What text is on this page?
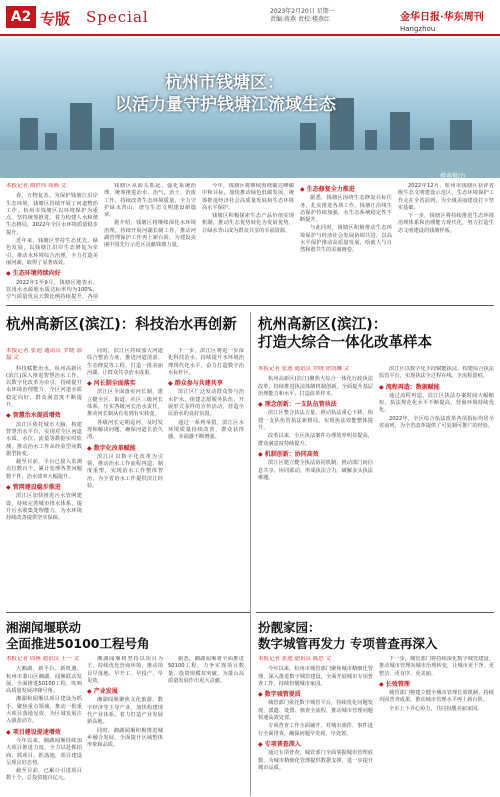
A2 专版 Special	2023年2月20日 星期一
责编:蒋燕 责校:楼燕红	金华日报·华东周刊
Hangzhou
杭州市钱塘区：
以活力量守护钱塘江流域生态
楼燕摄/台
本报记者 胡世伟 周燕 文

春，万物复苏。为保护钱塘江沿岸生态环境，钱塘区持续开展了河道整治工作，杭州市钱塘区以环境保护为重点，坚持统筹推进，着力构建人水和谐生态格局，2022年全区水环境质量稳步提升。

近年来，钱塘区坚持生态优先、绿色发展，以钱塘江沿岸生态修复为牵引，推动水环境综合治理，全力打造美丽河湖，取得了显著成效。

◆ 生态环境持续向好

2022年1至9月，钱塘区地表水、饮用水水源地水质达标率均为100%，空气质量优良天数比例持续提升，各项

钱塘区从源头抓起，强化系统治理，统筹推进治水、治气、治土、治废工作，持续改善生态环境质量，全力守护绿水青山，谱写生态文明建设新篇章。

据介绍，钱塘区将继续深化水环境治理，持续开展河湖长制工作，推动河湖管理保护工作再上新台阶，为建设美丽中国先行示范区贡献钱塘力量。

今年，钱塘区将继续围绕碳达峰碳中和目标，加快推动绿色低碳发展，统筹推进经济社会高质量发展和生态环境高水平保护。

钱塘区积极探索生态产品价值实现机制，推动生态优势转化为发展优势，让绿水青山成为群众共享的幸福资源。

◆ 生态修复全力推进

据悉，钱塘区围绕生态修复目标任务，扎实推进各项工作，钱塘江沿线生态保护持续加强，水生态系统稳定性不断提升。

与此同时，钱塘区积极推动生态环境保护与经济社会发展协调共进，以高水平保护推动高质量发展，绘就人与自然和谐共生的美丽画卷。

2022年12月，杭州市钱塘区获评省级生态文明建设示范区，生态环境保护工作走在全省前列，为全域美丽建设打下坚实基础。

下一步，钱塘区将持续推进生态环境治理体系和治理能力现代化，努力打造生态文明建设的钱塘样板。

杭州高新区(滨江)：科技治水再创新
本报记者 张迪 通讯员 罗晓 郭磊 文

科技赋能治水。杭州高新区(滨江)深入推进智慧治水工作，以数字化改革为牵引，持续提升水环境治理能力，全区河道水质稳定向好，群众满意度不断提升。

◆ 智慧治水提质增效

滨江区依托城市大脑，构建智慧治水平台，实现对全区河道水质、水位、流量等数据实时监测，推动治水工作从经验型向数据型转变。

截至目前，平台已接入监测点位数百个，累计处理各类问题数千件，治水效率大幅提升。

◆ 管网建设稳步推进

滨江区加快推进污水管网建设，持续完善城市排水体系，提升污水收集处理能力，为水环境持续改善提供坚实保障。

同时，滨江区持续加大河道综合整治力度，推进河道清淤、生态修复等工程，打造一批美丽河湖，让群众共享治水成果。

◆ 河长制全面落实

滨江区全面落实河长制，建立健全区、街道、社区三级河长体系，压实各级河长治水责任，推动河长制从有名到有实转变。

各级河长定期巡河，及时发现和解决问题，确保河道长治久清。

◆ 数字化改革赋能

滨江区以数字化改革为引领，推动治水工作流程再造、制度重塑，实现治水工作整体智治，为全省治水工作提供滨江经验。

下一步，滨江区将进一步深化科技治水，持续提升水环境治理现代化水平，奋力打造数字治水标杆区。

◆ 群众参与共建共享

滨江区广泛发动群众参与治水护水，组建志愿服务队伍，开展形式多样的宣传活动，营造全民治水的良好氛围。

通过一系列举措，滨江区水环境质量持续改善，群众获得感、幸福感不断增强。

杭州高新区(滨江)：
打造大综合一体化改革样本
本报记者 张迪 通讯员 罗晓 徐凯琳 文

杭州高新区(滨江)聚焦大综合一体化行政执法改革，持续推进执法体制机制创新，全面提升基层治理能力和水平，打造改革样本。

◆ 理念创新：一支队伍管执法

滨江区整合执法力量，推动执法重心下移，构建一支队伍管执法新格局，实现执法效能整体提升。

改革以来，全区执法案件办理效率明显提高，群众满意度持续提升。

◆ 机制创新：协同高效

滨江区建立健全执法协同机制，推动部门间信息共享、协同联动，形成执法合力，破解多头执法难题。

滨江区以数字化手段赋能执法，构建综合执法监管平台，实现执法全过程在线、全流程留痕。

◆ 流程再造：数据赋能

通过流程再造，滨江区执法办案时间大幅缩短，执法规范化水平不断提高，营商环境持续优化。

2022年，全区综合执法改革各项指标均居全省前列，为全省改革提供了可复制可推广的经验。

湘湖闻堰联动
全面推进50100工程号角
本报记者 周燕 通讯员 王一 文

大湘湖，新平台、新机遇。杭州市萧山区湘湖、闻堰联动发展，全面推进50100工程，吹响高质量发展冲锋号角。

湘湖和闻堰以项目建设为抓手，聚焦重点领域，推动一批重大项目落地见效，为区域发展注入强劲动力。

◆ 项目建设提速增效

今年以来，湘湖闻堰持续加大项目推进力度，全力以赴抓招商、抓项目、抓落地，项目建设呈现良好态势。

截至目前，已累计引进项目数十个，总投资超百亿元。

湘湖闻堰将坚持以项目为王，持续优化营商环境，推动项目早落地、早开工、早投产、早见效。

◆ 产业发展

湘湖闻堰聚焦文化旅游、数字经济等主导产业，加快构建现代产业体系，着力打造产业发展新高地。

同时，湘湖闻堰积极推进城乡融合发展，全面提升区域整体形象和品质。

据悉，湘湖闻堰将全面推进50100工程，力争实现项目数量、投资规模双突破，为萧山高质量发展作出更大贡献。

扮靓家园：
数字城管再发力 专项普查再深入
本报记者 张迪 通讯员 陈思 文

今年以来，杭州市城管部门聚焦城市精细化管理，深入推进数字城管建设，全面开展城市专项普查工作，持续扮靓城市家园。

◆ 数字城管提质

城管部门依托数字城管平台，持续优化问题发现、派遣、处置、核查全流程，推动城市管理问题快速高效处置。

专项普查工作全面铺开，对城市部件、事件进行全面排查，确保问题早发现、早处置。

◆ 专项普查深入

通过专项普查，城管部门全面掌握城市管理底数，为城市精细化管理提供数据支撑，进一步提升城市品质。

下一步，城管部门将持续深化数字城管建设，推动城市管理向城市治理转变，让城市更干净、更整洁、更有序、更美丽。

◆ 长效管理

城管部门将建立健全城市管理长效机制，持续巩固普查成果，推动城市管理水平再上新台阶。

全市上下齐心协力，共同扮靓美丽家园。
